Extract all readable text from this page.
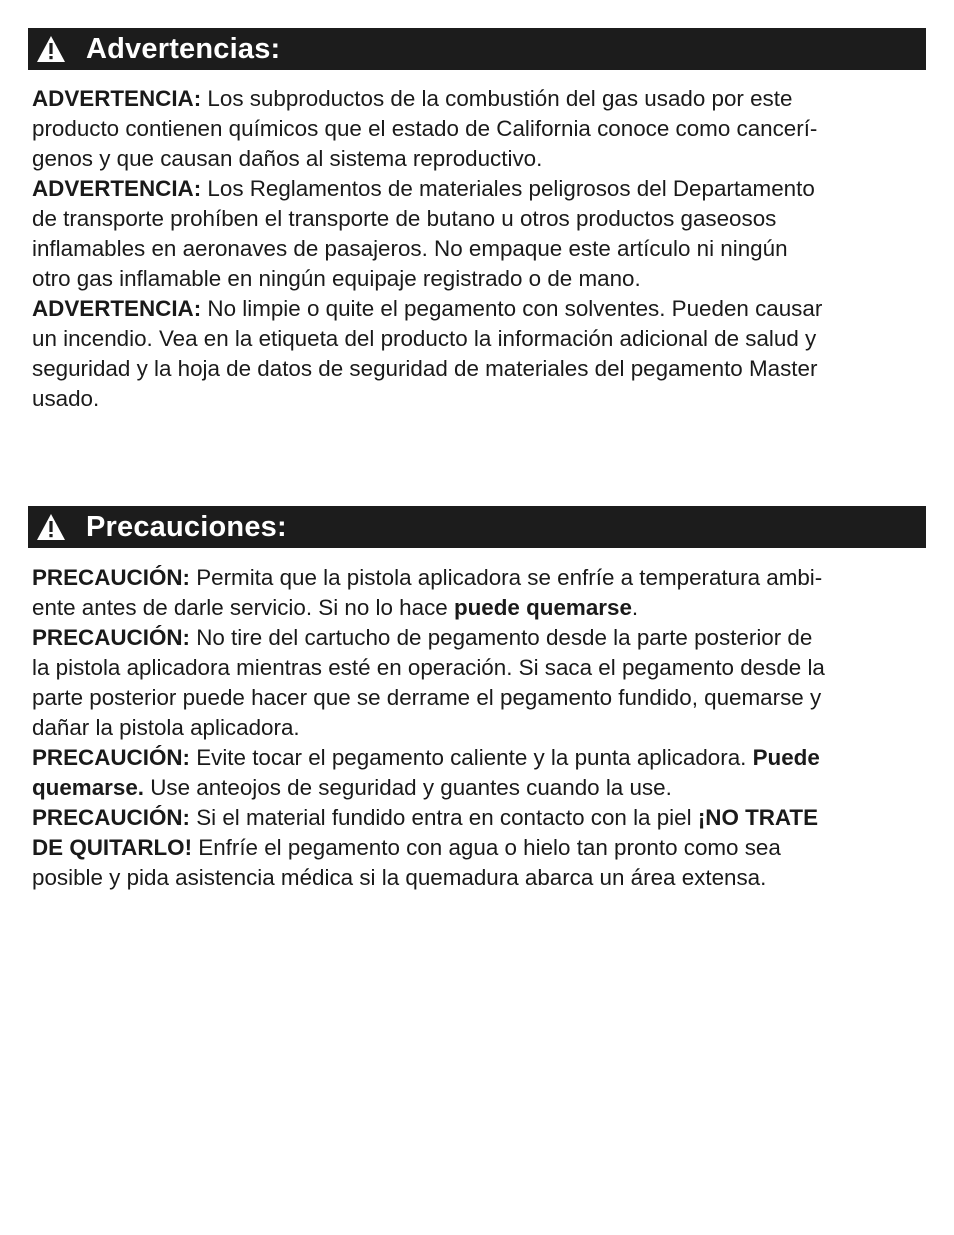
Advertencias:

ADVERTENCIA: Los subproductos de la combustión del gas usado por este
producto contienen químicos que el estado de California conoce como cancerí-
genos y que causan daños al sistema reproductivo.

ADVERTENCIA: Los Reglamentos de materiales peligrosos del Departamento
de transporte prohíben el transporte de butano u otros productos gaseosos
inflamables en aeronaves de pasajeros. No empaque este artículo ni ningún
otro gas inflamable en ningún equipaje registrado o de mano.

ADVERTENCIA: No limpie o quite el pegamento con solventes. Pueden causar
un incendio. Vea en la etiqueta del producto la información adicional de salud y
seguridad y la hoja de datos de seguridad de materiales del pegamento Master
usado.

Precauciones:

PRECAUCIÓN: Permita que la pistola aplicadora se enfríe a temperatura ambi-
ente antes de darle servicio. Si no lo hace puede quemarse.

PRECAUCIÓN: No tire del cartucho de pegamento desde la parte posterior de
la pistola aplicadora mientras esté en operación. Si saca el pegamento desde la
parte posterior puede hacer que se derrame el pegamento fundido, quemarse y
dañar la pistola aplicadora.

PRECAUCIÓN: Evite tocar el pegamento caliente y la punta aplicadora. Puede
quemarse. Use anteojos de seguridad y guantes cuando la use.

PRECAUCIÓN: Si el material fundido entra en contacto con la piel ¡NO TRATE
DE QUITARLO! Enfríe el pegamento con agua o hielo tan pronto como sea
posible y pida asistencia médica si la quemadura abarca un área extensa.
